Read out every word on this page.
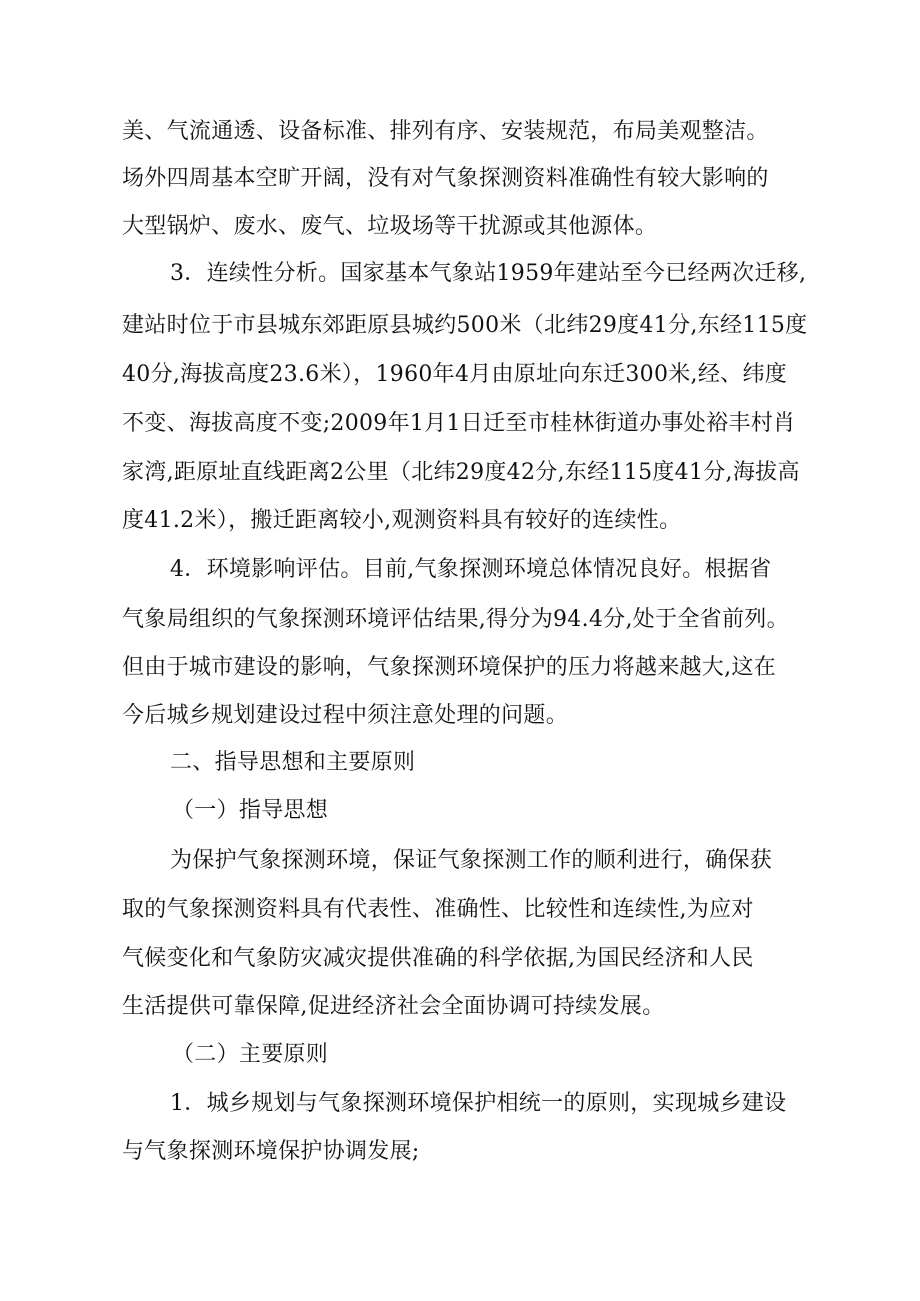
美、气流通透、设备标准、排列有序、安装规范，布局美观整洁。
场外四周基本空旷开阔，没有对气象探测资料准确性有较大影响的
大型锅炉、废水、废气、垃圾场等干扰源或其他源体。
3．连续性分析。国家基本气象站1959年建站至今已经两次迁移,
建站时位于市县城东郊距原县城约500米（北纬29度41分,东经115度
40分,海拔高度23.6米），1960年4月由原址向东迁300米,经、纬度
不变、海拔高度不变;2009年1月1日迁至市桂林街道办事处裕丰村肖
家湾,距原址直线距离2公里（北纬29度42分,东经115度41分,海拔高
度41.2米），搬迁距离较小,观测资料具有较好的连续性。
4．环境影响评估。目前,气象探测环境总体情况良好。根据省
气象局组织的气象探测环境评估结果,得分为94.4分,处于全省前列。
但由于城市建设的影响，气象探测环境保护的压力将越来越大,这在
今后城乡规划建设过程中须注意处理的问题。
二、指导思想和主要原则
（一）指导思想
为保护气象探测环境，保证气象探测工作的顺利进行，确保获
取的气象探测资料具有代表性、准确性、比较性和连续性,为应对
气候变化和气象防灾减灾提供准确的科学依据,为国民经济和人民
生活提供可靠保障,促进经济社会全面协调可持续发展。
（二）主要原则
1．城乡规划与气象探测环境保护相统一的原则，实现城乡建设
与气象探测环境保护协调发展;
